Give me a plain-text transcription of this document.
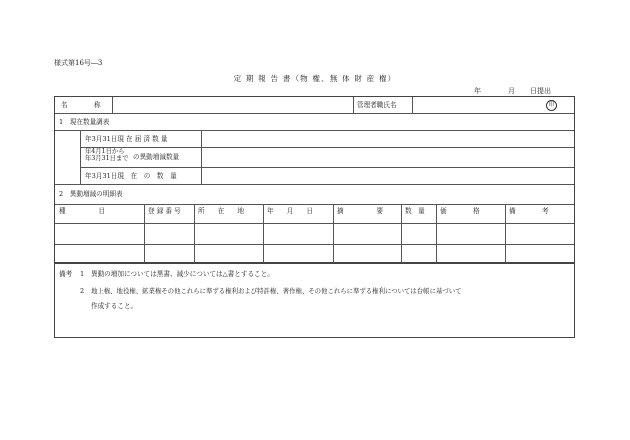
様式第16号―3
定 期 報 告 書（物 権、無 体 財 産 権）
年	月 日提出
名　　　　称	管理者職氏名	印
1　現在数量調表
年3月31日現 在 届 済 数 量
年4月1日から
年3月31日まで の異動増減数量
年3月31日現　在　の　数　量
2　異動増減の明細表
種　　　　　目	登 録 番 号	所　　在　　地	年　　月　　日	摘　　　　　要	数　量 価　　　　格	備　　　　考
備考 1 異動の増加については黒書、減少については△書とすること。
2 地上権、地役権、鉱業権その他これらに準ずる権利および特許権、著作権、その他これらに準ずる権利については台帳に基づいて
作成すること。
